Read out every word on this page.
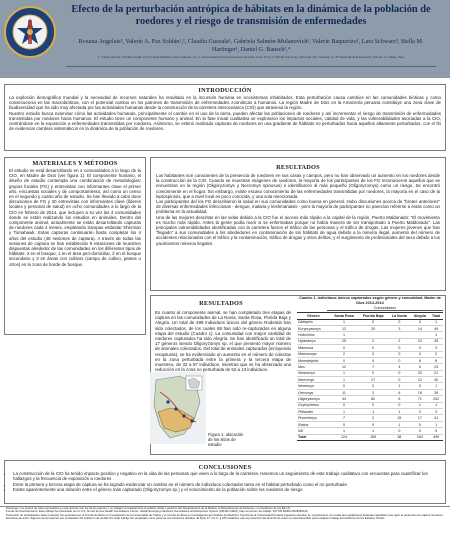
Efecto de la perturbación antrópica de hábitats en la dinámica de la población de roedores y el riesgo de transmisión de enfermedades
Roxana Angelats¹, Valerie A. Paz Soldán¹,², Claudia Guezala¹, Gabriela Salmón-Mulanovich¹, Valerie Baquerizo¹, Lara Schwarz³, Stella M. Hartinger¹, Daniel G. Bausch¹,⁴
1. Tulane School of Public Health and Tropical Medicine, New Orleans, LA; 2. Universidad Peruana Cayetano Heredia, Lima, Perú; 3. McGill University, Montreal, QC, Canada; 4. US Naval Medical Research Unit No. 6, Callao, Perú
INTRODUCCIÓN

La explosión demográfica mundial y la necesidad de recursos naturales ha resultado en la incursión humana en ecosistemas inhabitados. Esta perturbación causa cambios en las comunidades bióticas y como consecuencia en las macrobióticas, con el potencial cambio en los patrones de transmisión de enfermedades zoonóticas a humanos. La región Madre de Dios en la Amazonía peruana constituye una zona clave de biodiversidad que ha sido muy afectada por las actividades humanas desde la construcción de la carretera interoceánica (CIO) que atraviesa la región.

Nuestro estudio busca examinar cómo las actividades humanas, principalmente el cambio en el uso de la tierra, pueden afectar las poblaciones de roedores y así incrementar el riesgo de transmisión de enfermedades transmitidas por roedores hacia humanos. El estudio tiene un componente humano y animal. En la fase inicial cualitativa se exploraron los impactos sociales, calidad de vida, y las vulnerabilidades asociadas a la CIO, centrándose en la exposición a enfermedades transmitidas por roedores. Asimismo, se estimó realizado capturas de roedores en una gradiente de hábitats no perturbados hacia aquellos altamente perturbados, con el fin de evidenciar cambios sistemáticos en la dinámica de la población de roedores.

MATERIALES Y MÉTODOS
El estudio se está desarrollando en 4 comunidades a lo largo de la CIO, en Madre de Dios (ver figura 1). El componente humano, el diseño de estudio contempla una combinación de metodologías: grupos focales (FG) y entrevistas con informantes clave el primer año, encuestas sociales y de comportamiento, así como un censo en el segundo y cuarto año de estudio. Se han llevado a cabo doce discusiones de FG y 20 entrevistas con informantes clave (líderes locales y personal de salud) en ocho comunidades a lo largo de la CIO en febrero de 2014, que incluyen a su vez las 4 comunidades donde se están realizando los estudios en animales. Dentro del componente animal, actualmente se están desarrollando capturas de roedores cada 4 meses, empleando trampas estándar Sherman y Tomahawk. Estas capturas continuarán hasta completar los 4 años del estudio (48 sesiones de captura). A través de todas las sesiones de captura se han establecido 8 estaciones de muestreo dispuestas alrededor de las comunidades en los diferentes tipos de hábitats: 2 en el bosque, 1 en el área peri-domiciliar, 2 en el bosque secundario y 3 en áreas con cultivos (campo de cultivo, pastos u otros) en la zona de borde de bosque.
RESULTADOS

Los habitantes son conscientes de la presencia de roedores en sus casas y campos, pero no han observado un aumento en los roedores desde la construcción de la CIO. Cuando se muestran imágenes de roedores, la mayoría de los participantes de los FG reconocieron aquellos que se encuentran en la región (Oligoryzomys y Necromys spinosus) e identificaron al más pequeño (Oligoryzomys) como un riesgo. Se encontró comúnmente en el hogar. Sin embargo, existe escaso conocimiento de las enfermedades transmitidas por roedores, la mayoría en el caso de la leptospirosis, que a nivel local es poco conocida, y una sola mencionada.

Los participantes del los FG describieron la salud en sus comunidades como buena en general. Hubo discusiones acerca de "brotes anteriores" de diversas enfermedades infecciosas - dengue, malaria y leishmaniasis - pero la mayoría de participantes no parecían referirse a éstas como un problema en la actualidad.

Una de las mejores descritas en las vidas debido a la CIO fue el acceso más rápido a la capital de la región, Puerto Maldonado: "El movimiento es mucho más rápido. Antes la gente podía morir si se enfermaban porque no había manera de ser transportado a Puerto Maldonado". Las principales vulnerabilidades identificadas con la carretera fueron el tráfico de las personas y el tráfico de drogas. Las mujeres jóvenes que han "llegado" a sus comunidades a los alrededores en contaminación de los hábitats de agua debido a la minería ilegal, aumento del número de accidentes relacionados con el tráfico y la contaminación, tráfico de drogas y otros delitos, y el surgimiento de profesionales del sexo debido a los yacimientos mineros ilegales.

RESULTADOS
En cuanto al componente animal, se han completado tres etapas de captura en las comunidades de La Novia, Santa Rosa, Florida Baja y Alegría. Un total de 499 individuos únicos del género Rodentia han sido colectados, de los cuales 88 han sido re-capturados en alguna etapa del estudio (Cuadro 1). La comunidad con mayor cantidad de roedores capturados ha sido Alegría. Se han identificado un total de 17 géneros siendo Oligoryzomys sp. el que presentó mayor número de animales colectados. Del total de animales capturados (incluyendo recapturas), se ha evidenciado un aumento en el número de colectas en la zona perturbada entre la primera y la tercera etapa de muestreo, de 32 a 87 individuos, mientras que se ha observado una reducción en la zona no perturbada de 52 a 13 individuos.
Figura 1: ubicación de los sitios de estudio
Cuadro 1. Individuos únicos capturados según género y comunidad; Madre de Dios 2013-2014
Comunidades
Género	Santa Rosa	Florida Baja	La Novia	Alegría	Total
Didelphis	1	0	0	0	1
Euryoryzomys	12	20	3	14	49
Holochilus	1				1
Hylaeamys	25	2	2	10	39
Marmosa	0	0	0	3	3
Marmosops	2	0	0	0	2
Monodelphis	0	0	0	6	6
Mus	12	7	4	0	23
Neacomys	1	0	0	20	21
Necromys	1	27	0	12	40
Nectomys	0	0	1	0	1
Oecomys	11	3	6	19	39
Oligoryzomys	44	82	5	71	202
Oxymycterus	0	0	0	1	1
Philander	1	1	1	0	3
Proechimys	7	2	15	17	41
Rattus	0	0	1	0	1
ND	1	1	0	3	5
Total	124	165	38	164	499
CONCLUSIONES
• La construcción de la CIO ha tenido impacto positivo y negativo en la vida de las personas que viven a lo largo de la carretera. Haremos un seguimiento de este trabajo cualitativo con encuestas para cuantificar los hallazgos y la frecuencia de exposición a roedores
• Entre la primera y tercera etapa de captura se ha logrado evidenciar un cambio en el número de individuos colectados tanto en el hábitat perturbado como el no perturbado
• Existe aparentemente una relación entre el género más capturado (Oligoryzomys sp.) y el conocimiento de la población sobre los roedores de riesgo

Descargo: Los puntos de vista expresados en este artículo son los de los autores y no reflejan necesariamente la política oficial o posición del Departamento de la Marina, el Departamento de Defensa, ni el Gobierno de los EE.UU.

Fuente de financiamiento: Este trabajo fue financiado por el U.S. Armed Forces Health Surveillance Center, Global Emerging Infections Surveillance and Response System (AFHSC-GEIS), bajo el número de trabajo: 847705.82000.25GB.B0016.

Protección de participantes: Este protocolo fue aprobado por el Comité de Ética en Investigación de la Universidad de Tulane y el Comité de Ética en Investigación del Instituto de Medicina Tropical de la Universidad Peruana Cayetano Heredia, en cumplimiento con todas las regulaciones federales aplicables que rigen la protección de sujetos humanos.

Derechos de autor: Algunos de los autores son empleados del Gobierno de los EE.UU. Este trabajo fue preparado como parte de sus funciones oficiales. El título 17 U.S.C. § 105 establece que la protección del derecho de autor no está disponible para cualquier trabajo del Gobierno de los Estados Unidos.
